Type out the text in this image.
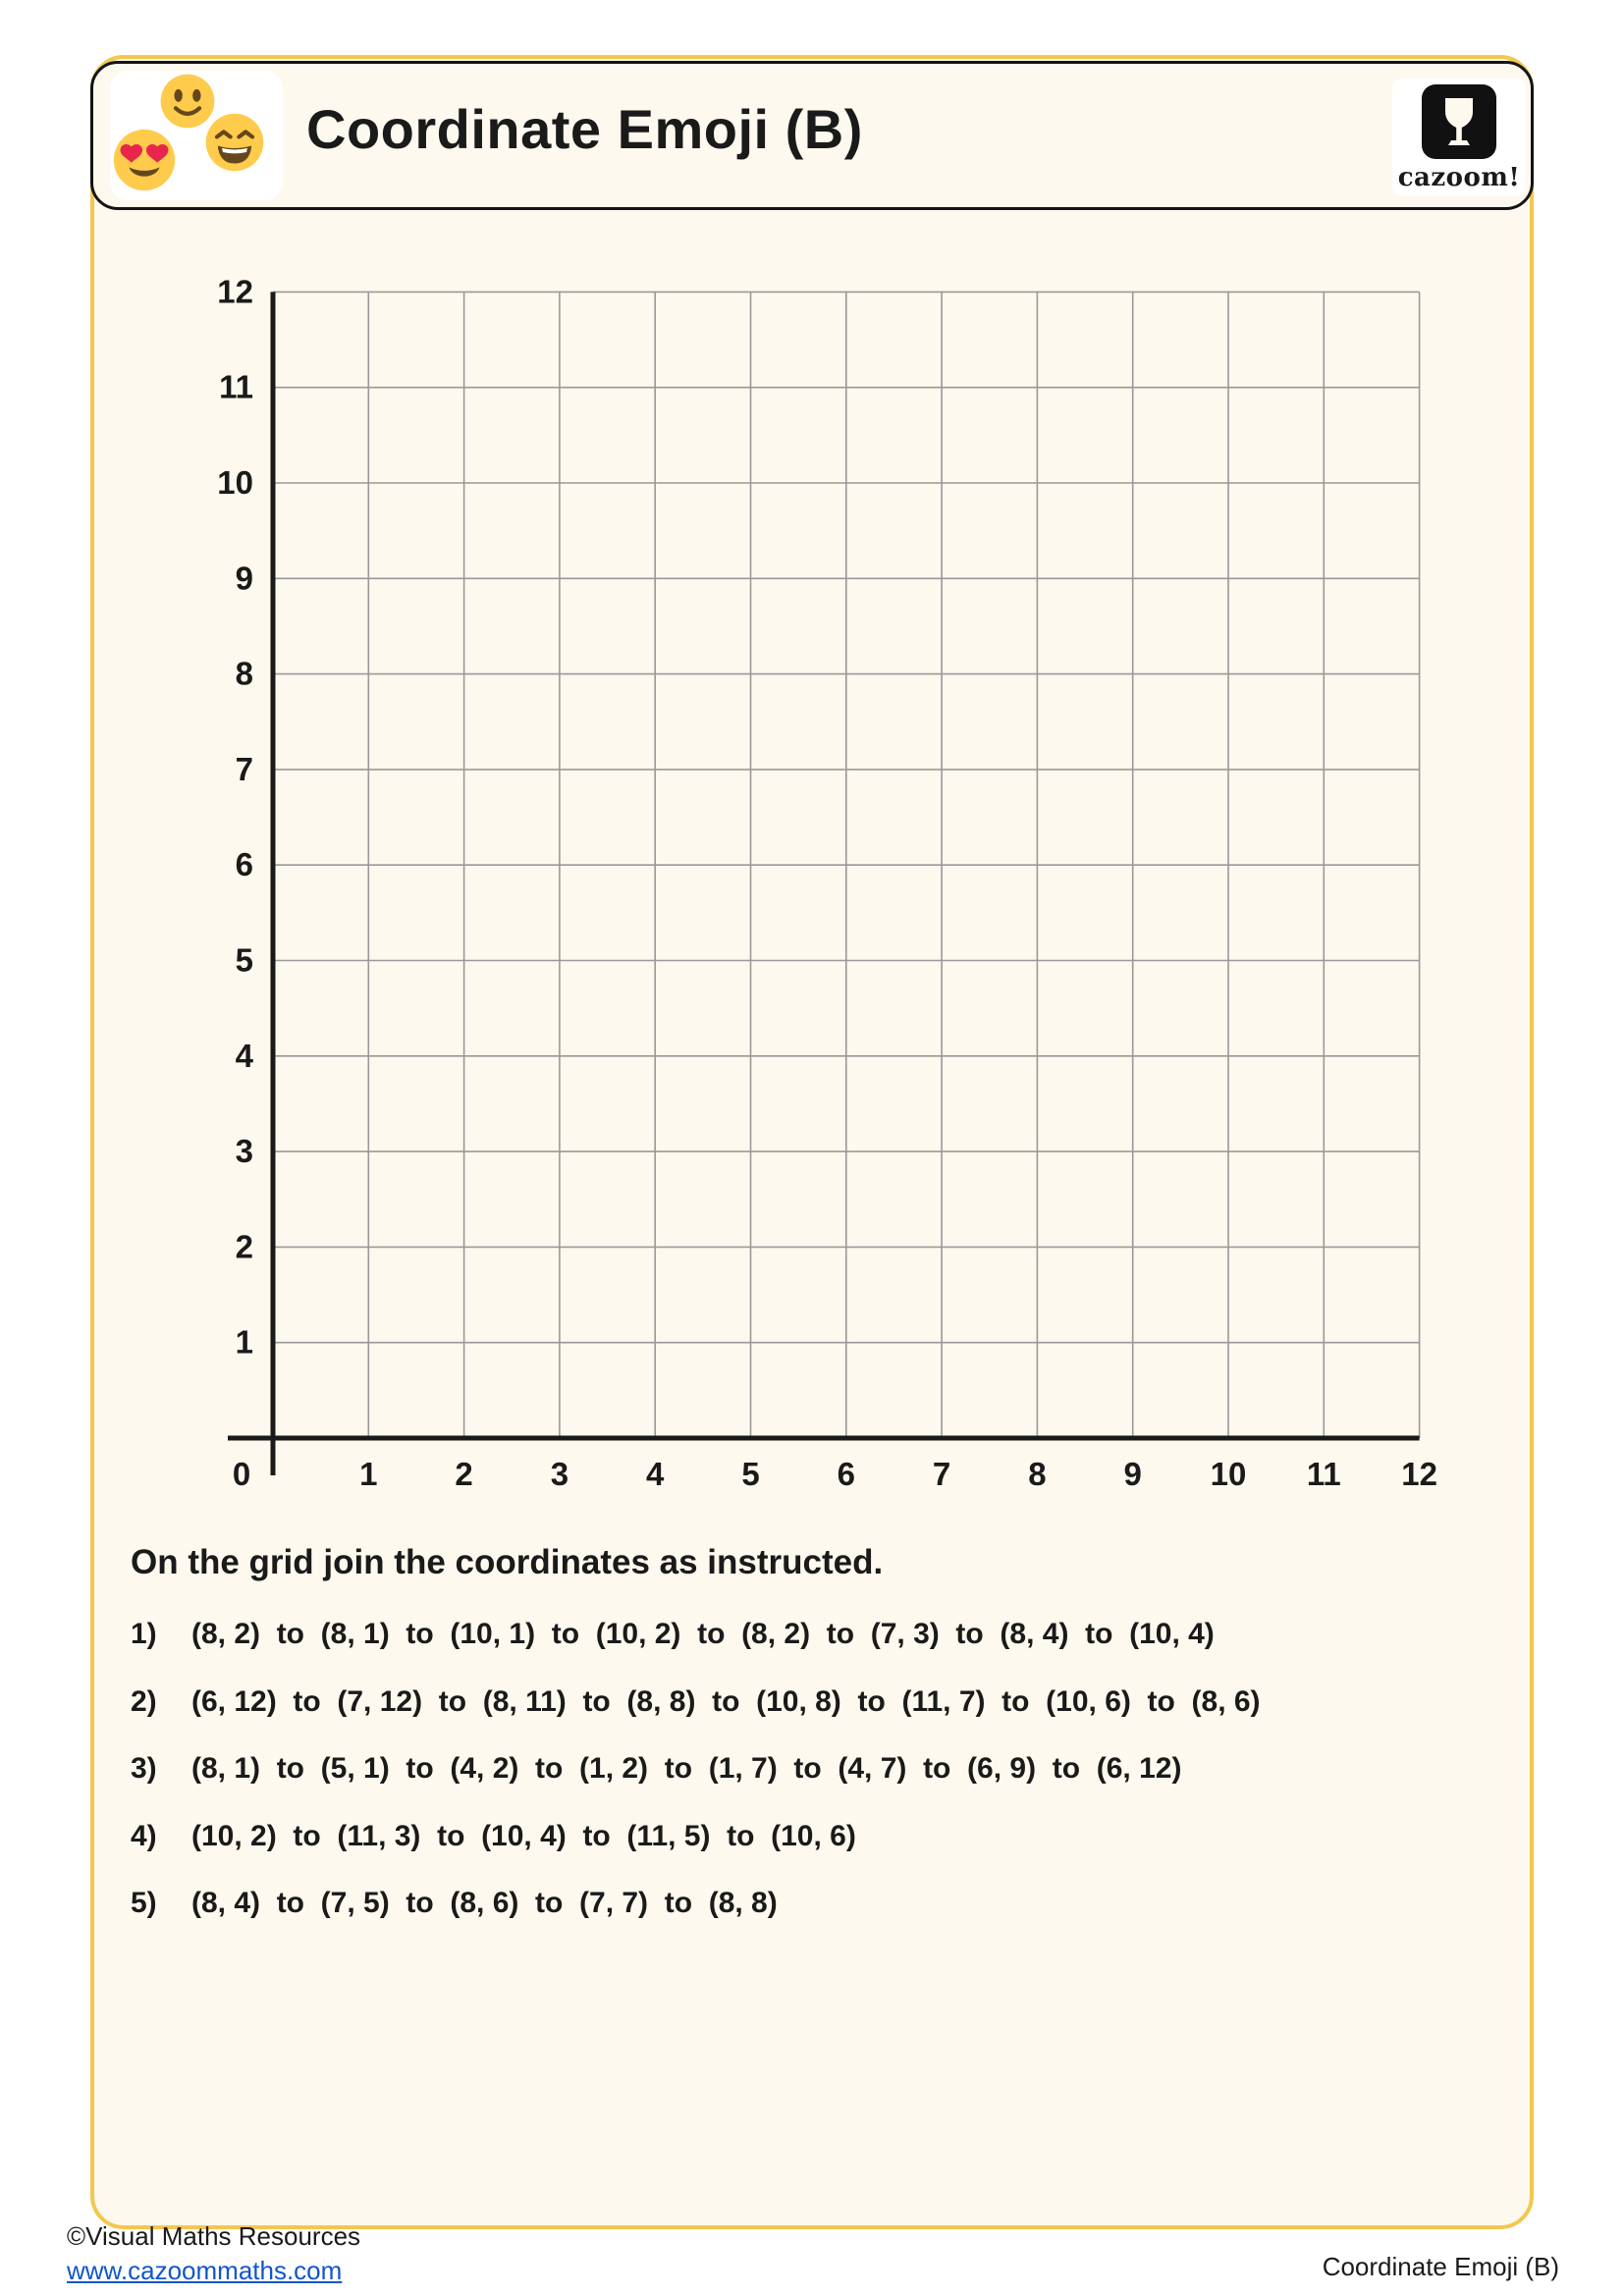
Coordinate Emoji (B)
cazoom!
0	1 2 3 4 5 6 7 8 9 10 11 12
1
2
3
4
5
6
7
8
9
10
11
12
On the grid join the coordinates as instructed.
1)	(8, 2)  to  (8, 1)  to  (10, 1)  to  (10, 2)  to  (8, 2)  to  (7, 3)  to  (8, 4)  to  (10, 4)
2)	(6, 12)  to  (7, 12)  to  (8, 11)  to  (8, 8)  to  (10, 8)  to  (11, 7)  to  (10, 6)  to  (8, 6)
3)	(8, 1)  to  (5, 1)  to  (4, 2)  to  (1, 2)  to  (1, 7)  to  (4, 7)  to  (6, 9)  to  (6, 12)
4)	(10, 2)  to  (11, 3)  to  (10, 4)  to  (11, 5)  to  (10, 6)
5)	(8, 4)  to  (7, 5)  to  (8, 6)  to  (7, 7)  to  (8, 8)
©Visual Maths Resources
www.cazoommaths.com	Coordinate Emoji (B)
